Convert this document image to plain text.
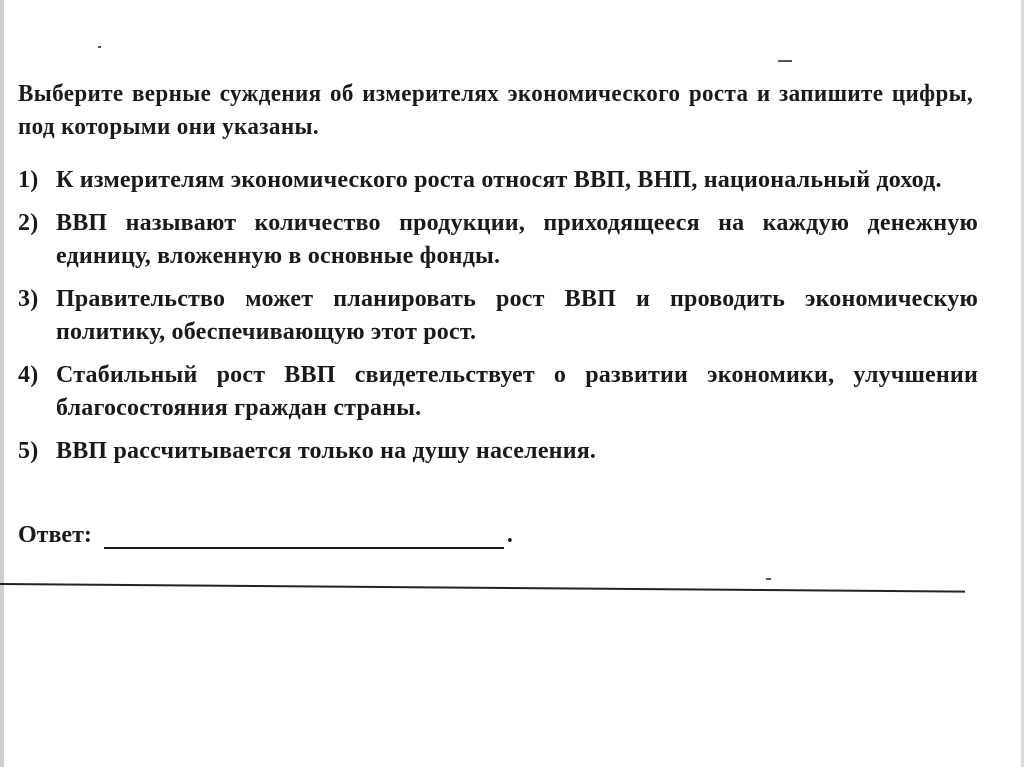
Выберите верные суждения об измерителях экономического роста и запишите цифры, под которыми они указаны.

1) К измерителям экономического роста относят ВВП, ВНП, национальный доход.
2) ВВП называют количество продукции, приходящееся на каждую денежную единицу, вложенную в основные фонды.
3) Правительство может планировать рост ВВП и проводить экономическую политику, обеспечивающую этот рост.
4) Стабильный рост ВВП свидетельствует о развитии экономики, улучшении благосостояния граждан страны.
5) ВВП рассчитывается только на душу населения.
Ответ:	.
